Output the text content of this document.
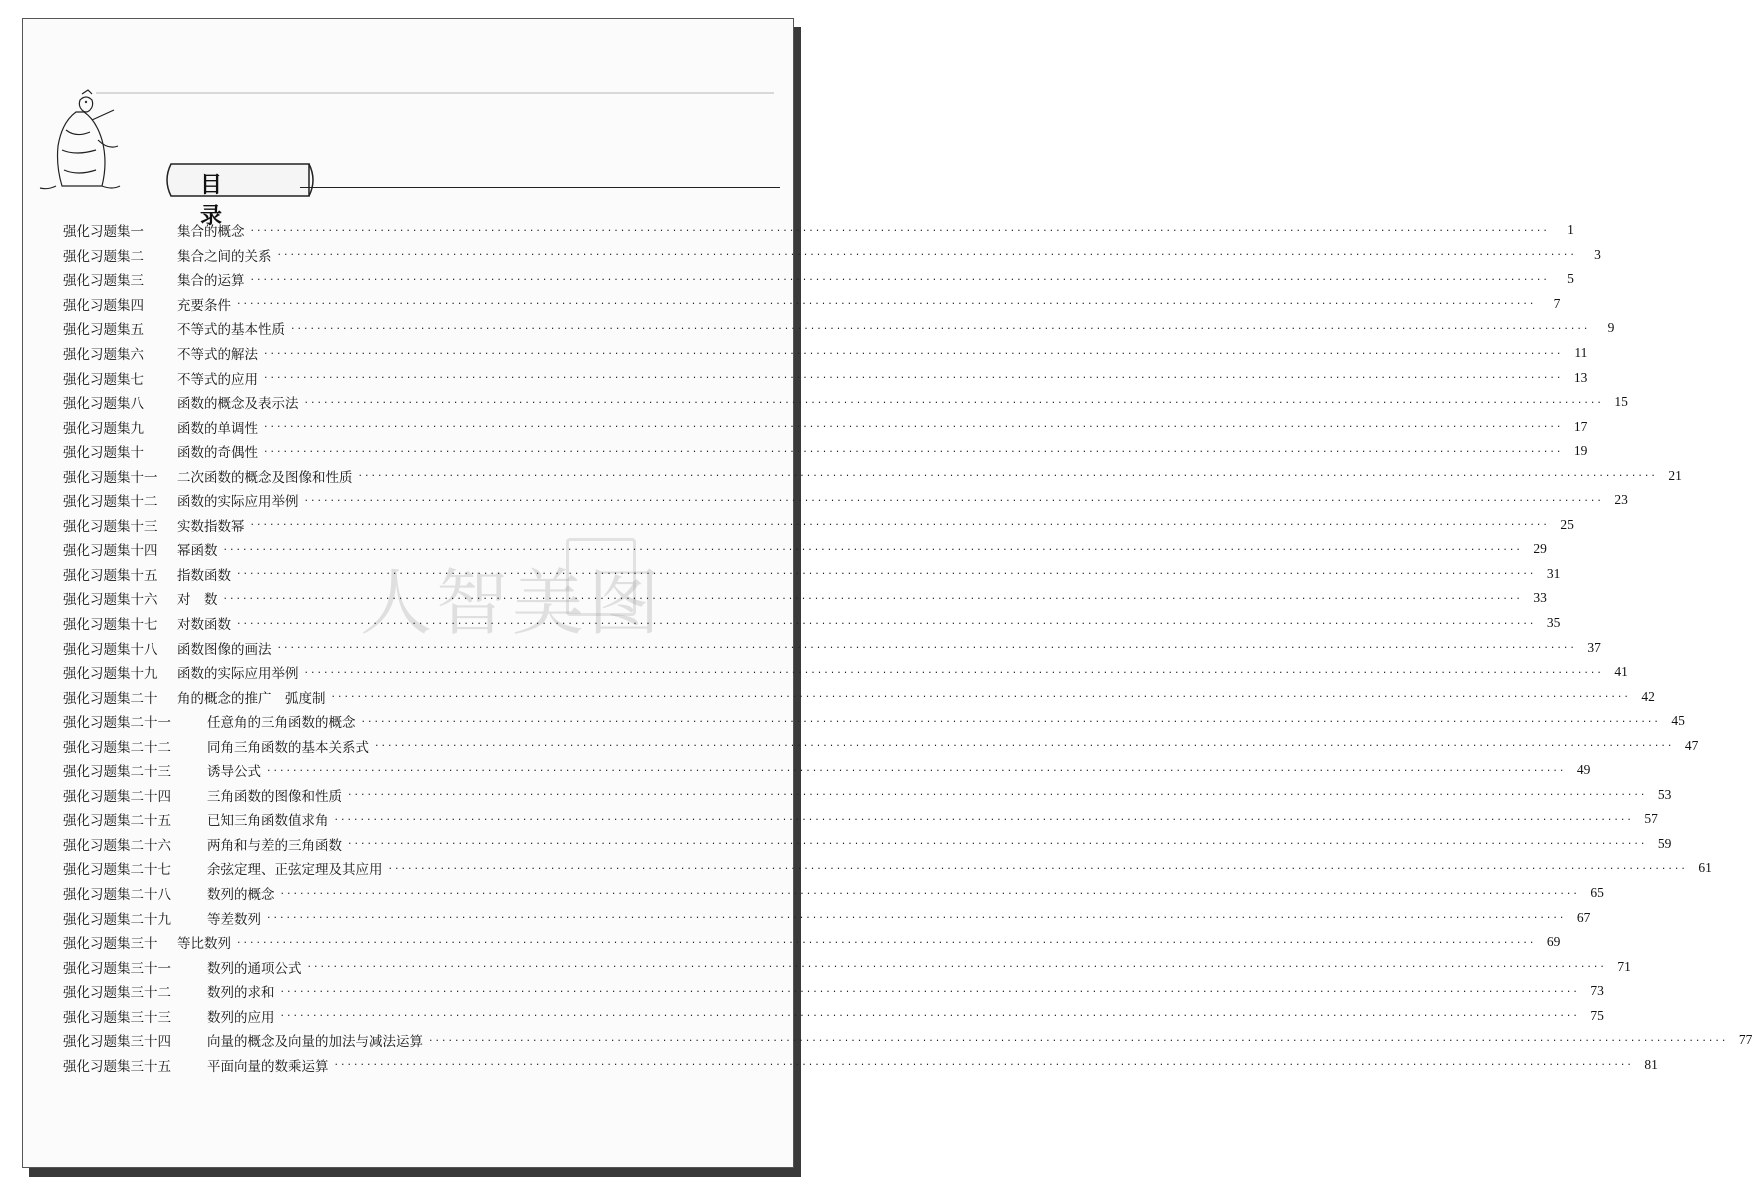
目 录
人智美图
强化习题集一	集合的概念 ········································································································································································································	1
强化习题集二	集合之间的关系 ········································································································································································································	3
强化习题集三	集合的运算 ········································································································································································································	5
强化习题集四	充要条件 ········································································································································································································	7
强化习题集五	不等式的基本性质 ········································································································································································································	9
强化习题集六	不等式的解法 ········································································································································································································ 11
强化习题集七	不等式的应用 ········································································································································································································ 13
强化习题集八	函数的概念及表示法 ········································································································································································································ 15
强化习题集九	函数的单调性 ········································································································································································································ 17
强化习题集十	函数的奇偶性 ········································································································································································································ 19
强化习题集十一	二次函数的概念及图像和性质 ········································································································································································································ 21
强化习题集十二	函数的实际应用举例 ········································································································································································································ 23
强化习题集十三	实数指数幂 ········································································································································································································ 25
强化习题集十四	幂函数 ········································································································································································································ 29
强化习题集十五	指数函数 ········································································································································································································ 31
强化习题集十六	对　数 ········································································································································································································ 33
强化习题集十七	对数函数 ········································································································································································································ 35
强化习题集十八	函数图像的画法 ········································································································································································································ 37
强化习题集十九	函数的实际应用举例 ········································································································································································································ 41
强化习题集二十	角的概念的推广　弧度制 ········································································································································································································ 42
强化习题集二十一	任意角的三角函数的概念 ········································································································································································································ 45
强化习题集二十二	同角三角函数的基本关系式 ········································································································································································································ 47
强化习题集二十三	诱导公式 ········································································································································································································ 49
强化习题集二十四	三角函数的图像和性质 ········································································································································································································ 53
强化习题集二十五	已知三角函数值求角 ········································································································································································································ 57
强化习题集二十六	两角和与差的三角函数 ········································································································································································································ 59
强化习题集二十七	余弦定理、正弦定理及其应用 ········································································································································································································ 61
强化习题集二十八	数列的概念 ········································································································································································································ 65
强化习题集二十九	等差数列 ········································································································································································································ 67
强化习题集三十	等比数列 ········································································································································································································ 69
强化习题集三十一	数列的通项公式 ········································································································································································································ 71
强化习题集三十二	数列的求和 ········································································································································································································ 73
强化习题集三十三	数列的应用 ········································································································································································································ 75
强化习题集三十四	向量的概念及向量的加法与减法运算 ········································································································································································································ 77
强化习题集三十五	平面向量的数乘运算 ········································································································································································································ 81
